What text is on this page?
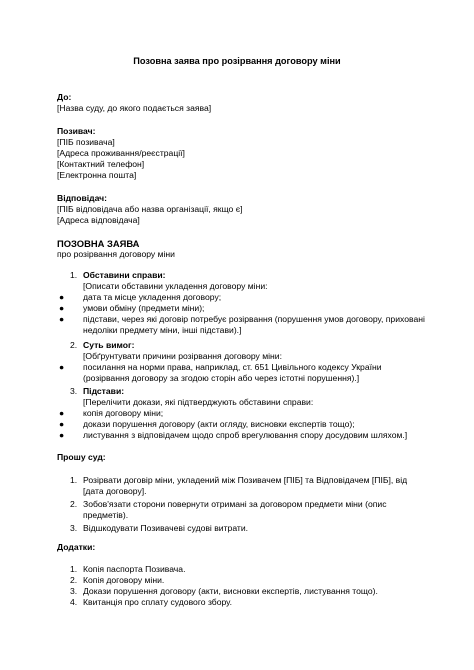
Позовна заява про розірвання договору міни
До:
[Назва суду, до якого подається заява]
Позивач:
[ПІБ позивача]
[Адреса проживання/реєстрації]
[Контактний телефон]
[Електронна пошта]
Відповідач:
[ПІБ відповідача або назва організації, якщо є]
[Адреса відповідача]
ПОЗОВНА ЗАЯВА
про розірвання договору міни
1. Обставини справи:
[Описати обставини укладення договору міни:
● дата та місце укладення договору;
● умови обміну (предмети міни);
● підстави, через які договір потребує розірвання (порушення умов договору, приховані недоліки предмету міни, інші підстави).]
2. Суть вимог:
[Обґрунтувати причини розірвання договору міни:
● посилання на норми права, наприклад, ст. 651 Цивільного кодексу України (розірвання договору за згодою сторін або через істотні порушення).]
3. Підстави:
[Перелічити докази, які підтверджують обставини справи:
● копія договору міни;
● докази порушення договору (акти огляду, висновки експертів тощо);
● листування з відповідачем щодо спроб врегулювання спору досудовим шляхом.]
Прошу суд:
1. Розірвати договір міни, укладений між Позивачем [ПІБ] та Відповідачем [ПІБ], від [дата договору].
2. Зобов'язати сторони повернути отримані за договором предмети міни (опис предметів).
3. Відшкодувати Позивачеві судові витрати.
Додатки:
1. Копія паспорта Позивача.
2. Копія договору міни.
3. Докази порушення договору (акти, висновки експертів, листування тощо).
4. Квитанція про сплату судового збору.
